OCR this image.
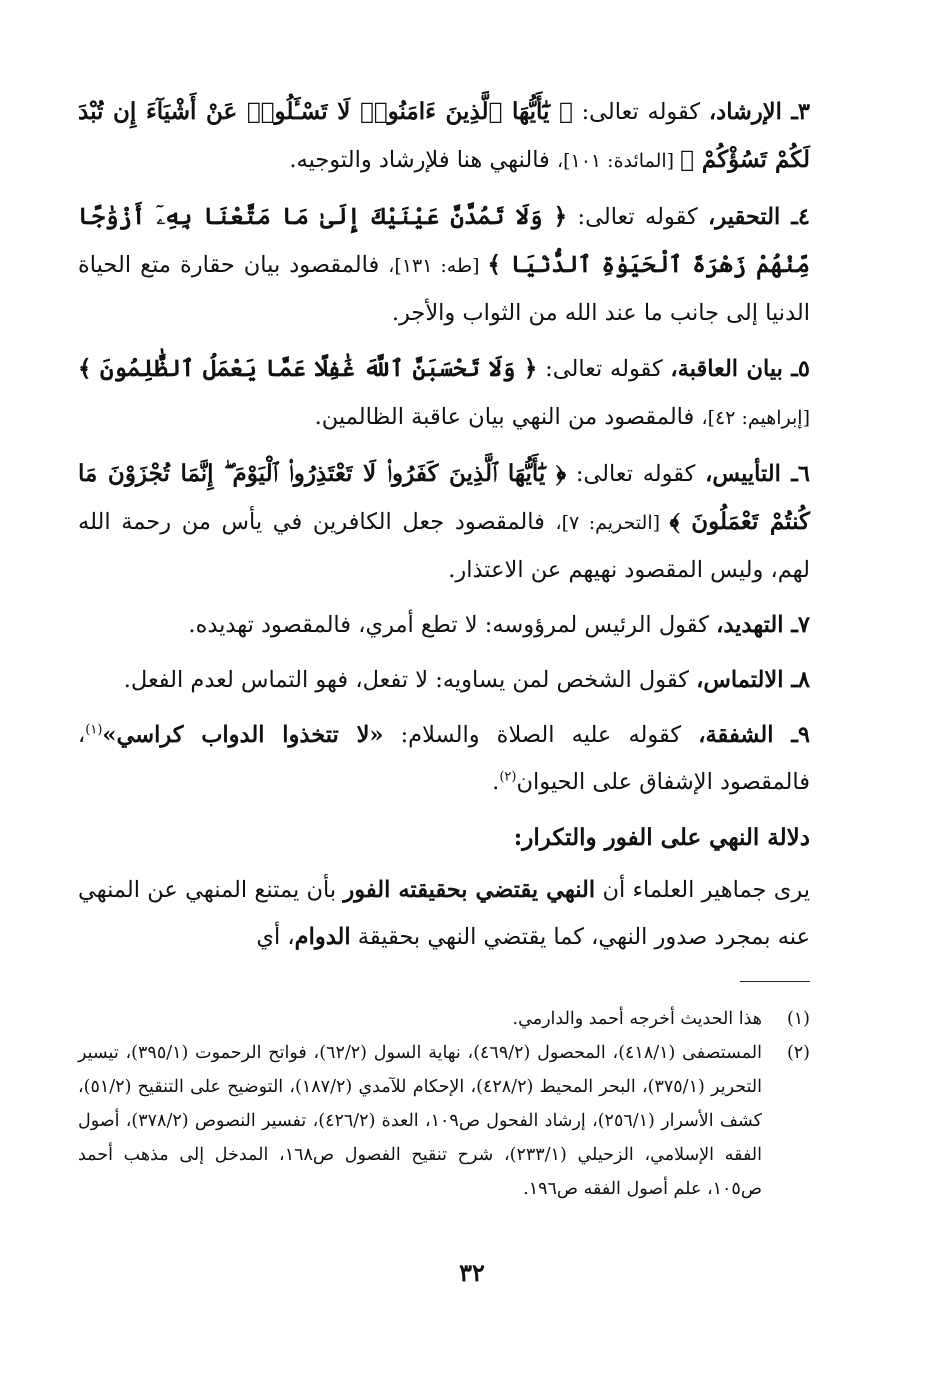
٣ـ الإرشاد، كقوله تعالى: ﴿ يَٰٓأَيُّهَا ٱلَّذِينَ ءَامَنُوا۟ لَا تَسْـَٔلُوا۟ عَنْ أَشْيَآءَ إِن تُبْدَ لَكُمْ تَسُؤْكُمْ ﴾ [المائدة: ١٠١]، فالنهي هنا فلإرشاد والتوجيه.

٤ـ التحقير، كقوله تعالى: ﴿ وَلَا تَمُدَّنَّ عَيْنَيْكَ إِلَىٰ مَا مَتَّعْنَا بِهِۦٓ أَزْوَٰجًا مِّنْهُمْ زَهْرَةَ ٱلْحَيَوٰةِ ٱلدُّنْيَا ﴾ [طه: ١٣١]، فالمقصود بيان حقارة متع الحياة الدنيا إلى جانب ما عند الله من الثواب والأجر.

٥ـ بيان العاقبة، كقوله تعالى: ﴿ وَلَا تَحْسَبَنَّ ٱللَّهَ غَٰفِلًا عَمَّا يَعْمَلُ ٱلظَّٰلِمُونَ ﴾ [إبراهيم: ٤٢]، فالمقصود من النهي بيان عاقبة الظالمين.

٦ـ التأييس، كقوله تعالى: ﴿ يَٰٓأَيُّهَا ٱلَّذِينَ كَفَرُوا۟ لَا تَعْتَذِرُوا۟ ٱلْيَوْمَ ۖ إِنَّمَا تُجْزَوْنَ مَا كُنتُمْ تَعْمَلُونَ ﴾ [التحريم: ٧]، فالمقصود جعل الكافرين في يأس من رحمة الله لهم، وليس المقصود نهيهم عن الاعتذار.

٧ـ التهديد، كقول الرئيس لمرؤوسه: لا تطع أمري، فالمقصود تهديده.

٨ـ الالتماس، كقول الشخص لمن يساويه: لا تفعل، فهو التماس لعدم الفعل.

٩ـ الشفقة، كقوله عليه الصلاة والسلام: «لا تتخذوا الدواب كراسي»$^{(١)}$، فالمقصود الإشفاق على الحيوان$^{(٢)}$.

دلالة النهي على الفور والتكرار:

يرى جماهير العلماء أن النهي يقتضي بحقيقته الفور بأن يمتنع المنهي عن المنهي عنه بمجرد صدور النهي، كما يقتضي النهي بحقيقة الدوام، أي

(١)
هذا الحديث أخرجه أحمد والدارمي.
(٢)
المستصفى (٤١٨/١)، المحصول (٤٦٩/٢)، نهاية السول (٦٢/٢)، فواتح الرحموت (٣٩٥/١)، تيسير التحرير (٣٧٥/١)، البحر المحيط (٤٢٨/٢)، الإحكام للآمدي (١٨٧/٢)، التوضيح على التنقيح (٥١/٢)، كشف الأسرار (٢٥٦/١)، إرشاد الفحول ص١٠٩، العدة (٤٢٦/٢)، تفسير النصوص (٣٧٨/٢)، أصول الفقه الإسلامي، الزحيلي (٢٣٣/١)، شرح تنقيح الفصول ص١٦٨، المدخل إلى مذهب أحمد ص١٠٥، علم أصول الفقه ص١٩٦.
٣٢
